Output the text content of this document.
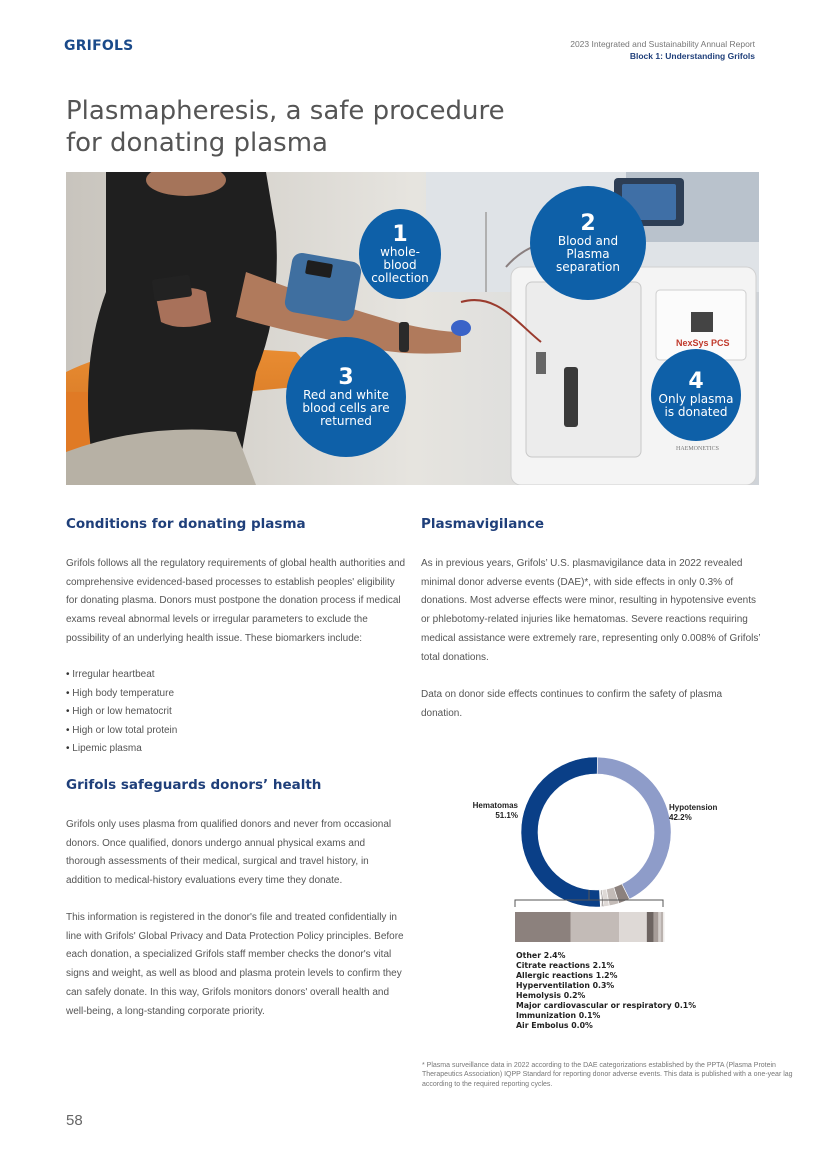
GRIFOLS	2023 Integrated and Sustainability Annual Report
Block 1: Understanding Grifols
Plasmapheresis, a safe procedure
for donating plasma
NexSys PCS
HAEMONETICS
1
whole-
blood
collection
2
Blood and
Plasma
separation
3
Red and white
blood cells are
returned
4
Only plasma
is donated
Conditions for donating plasma

Grifols follows all the regulatory requirements of global health authorities and comprehensive evidenced-based processes to establish peoples' eligibility for donating plasma. Donors must postpone the donation process if medical exams reveal abnormal levels or irregular parameters to exclude the possibility of an underlying health issue. These biomarkers include:

• Irregular heartbeat
• High body temperature
• High or low hematocrit
• High or low total protein
• Lipemic plasma
Grifols safeguards donors’ health

Grifols only uses plasma from qualified donors and never from occasional donors. Once qualified, donors undergo annual physical exams and thorough assessments of their medical, surgical and travel history, in addition to medical-history evaluations every time they donate.

This information is registered in the donor's file and treated confidentially in line with Grifols' Global Privacy and Data Protection Policy principles. Before each donation, a specialized Grifols staff member checks the donor's vital signs and weight, as well as blood and plasma protein levels to confirm they can safely donate. In this way, Grifols monitors donors' overall health and well-being, a long-standing corporate priority.

Plasmavigilance

As in previous years, Grifols’ U.S. plasmavigilance data in 2022 revealed minimal donor adverse events (DAE)*, with side effects in only 0.3% of donations. Most adverse effects were minor, resulting in hypotensive events or phlebotomy-related injuries like hematomas. Severe reactions requiring medical assistance were extremely rare, representing only 0.008% of Grifols’ total donations.

Data on donor side effects continues to confirm the safety of plasma donation.

Hematomas
51.1%
Hypotension
42.2%
Other 2.4%
Citrate reactions 2.1%
Allergic reactions 1.2%
Hyperventilation 0.3%
Hemolysis 0.2%
Major cardiovascular or respiratory 0.1%
Immunization 0.1%
Air Embolus 0.0%

* Plasma surveillance data in 2022 according to the DAE categorizations established by the PPTA (Plasma Protein Therapeutics Association) IQPP Standard for reporting donor adverse events. This data is published with a one-year lag according to the required reporting cycles.

58
